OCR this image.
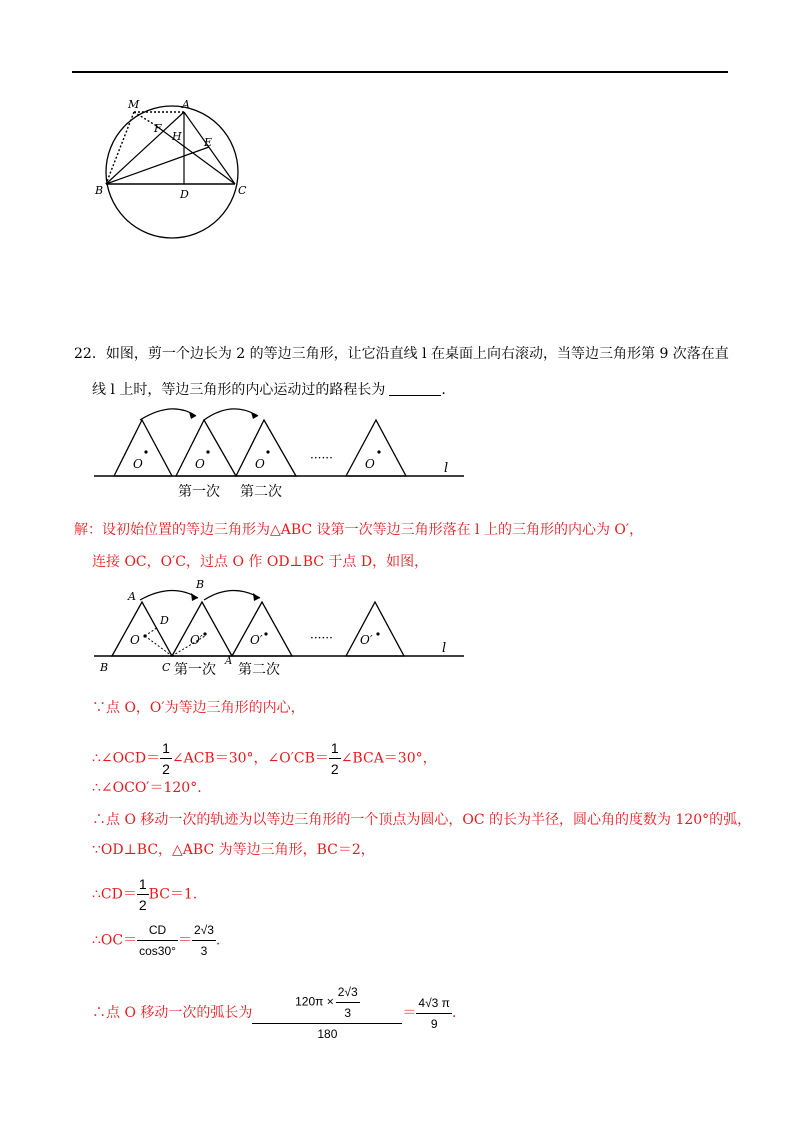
M	A
F
H E
B	D	C
22．如图，剪一个边长为 2 的等边三角形，让它沿直线 l 在桌面上向右滚动，当等边三角形第 9 次落在直
线 l 上时，等边三角形的内心运动过的路程长为	.
O	O	O	O
······
l
第一次 第二次
解：设初始位置的等边三角形为△ABC 设第一次等边三角形落在 l 上的三角形的内心为 O′，
连接 OC，O′C，过点 O 作 OD⊥BC 于点 D，如图，
A
B
D
O	O′	O′	O′
······
l
B	C	A
第一次 第二次
∵点 O，O′为等边三角形的内心，
∴∠OCD＝ $\frac{1}{2}$ ∠ACB＝30°，∠O′CB＝ $\frac{1}{2}$ ∠BCA＝30°，
∴∠OCO′＝120°.
∴点 O 移动一次的轨迹为以等边三角形的一个顶点为圆心，OC 的长为半径，圆心角的度数为 120°的弧，
∵OD⊥BC，△ABC 为等边三角形，BC＝2，
∴CD＝ $\frac{1}{2} BC=1$.
∴OC＝ $\frac{CD}{\cos 30^\circ} = \frac{2√3}{3}$ .
∴点 O 移动一次的弧长为 $\frac{120\pi \times \frac{2√3}{3}}{180} = \frac{4√3 \pi}{9}$ .
